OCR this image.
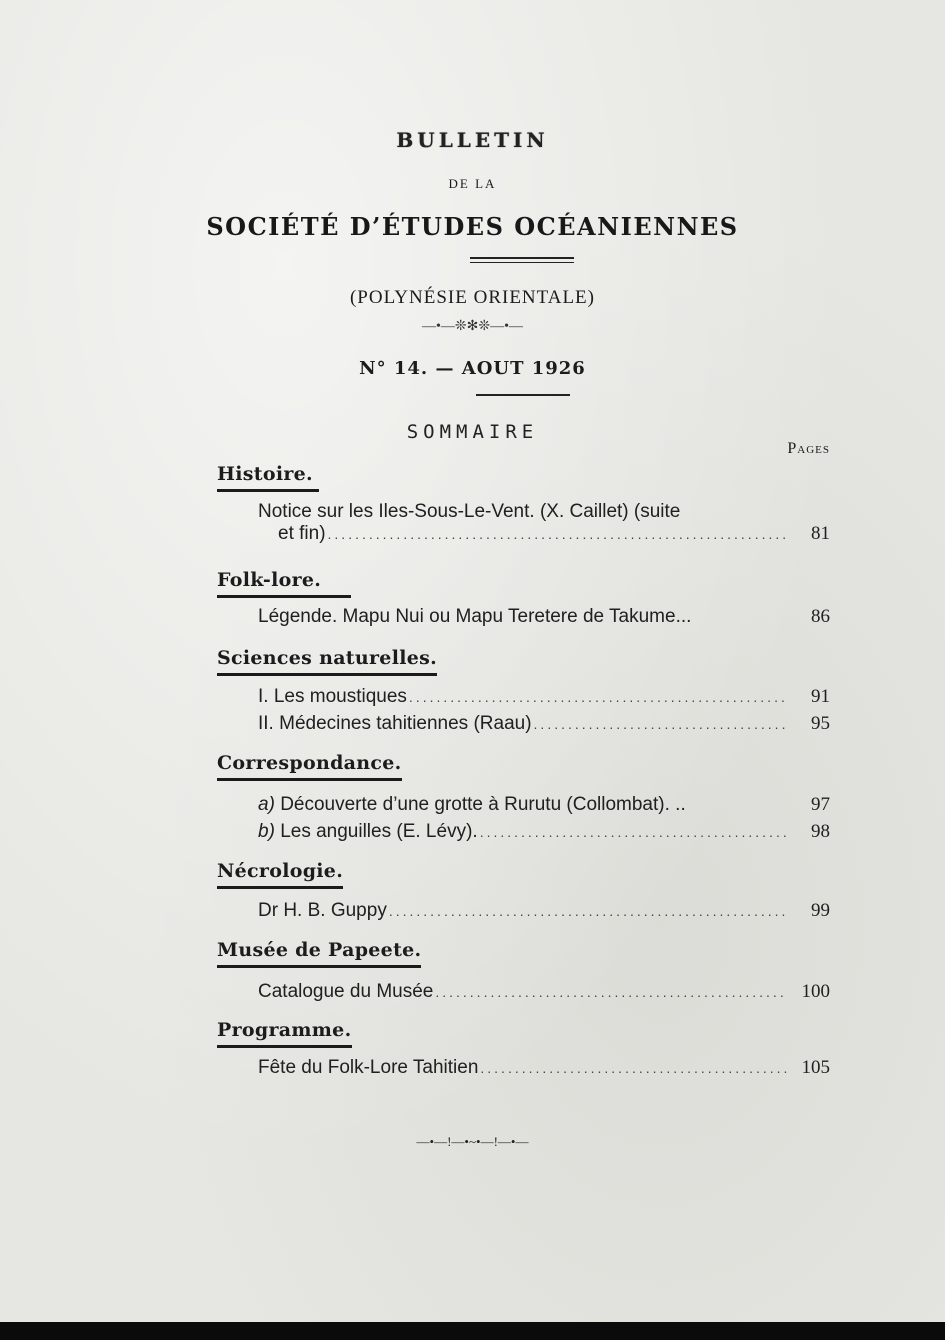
BULLETIN
DE LA
SOCIÉTÉ D’ÉTUDES OCÉANIENNES
(POLYNÉSIE ORIENTALE)
—•—❊✻❊—•—
N° 14. — AOUT 1926
SOMMAIRE
Pages
Histoire.
Notice sur les Iles-Sous-Le-Vent. (X. Caillet) (suite
et fin) .....	81
Folk-lore.
Légende. Mapu Nui ou Mapu Teretere de Takume...	86
Sciences naturelles.
I. Les moustiques .....	91
II. Médecines tahitiennes (Raau) .....	95
Correspondance.
a) Découverte d’une grotte à Rurutu (Collombat). ..	97
b) Les anguilles (E. Lévy). .....	98
Nécrologie.
Dr H. B. Guppy .....	99
Musée de Papeete.
Catalogue du Musée .....	100
Programme.
Fête du Folk-Lore Tahitien .....	105
—•—!—•~•—!—•—
